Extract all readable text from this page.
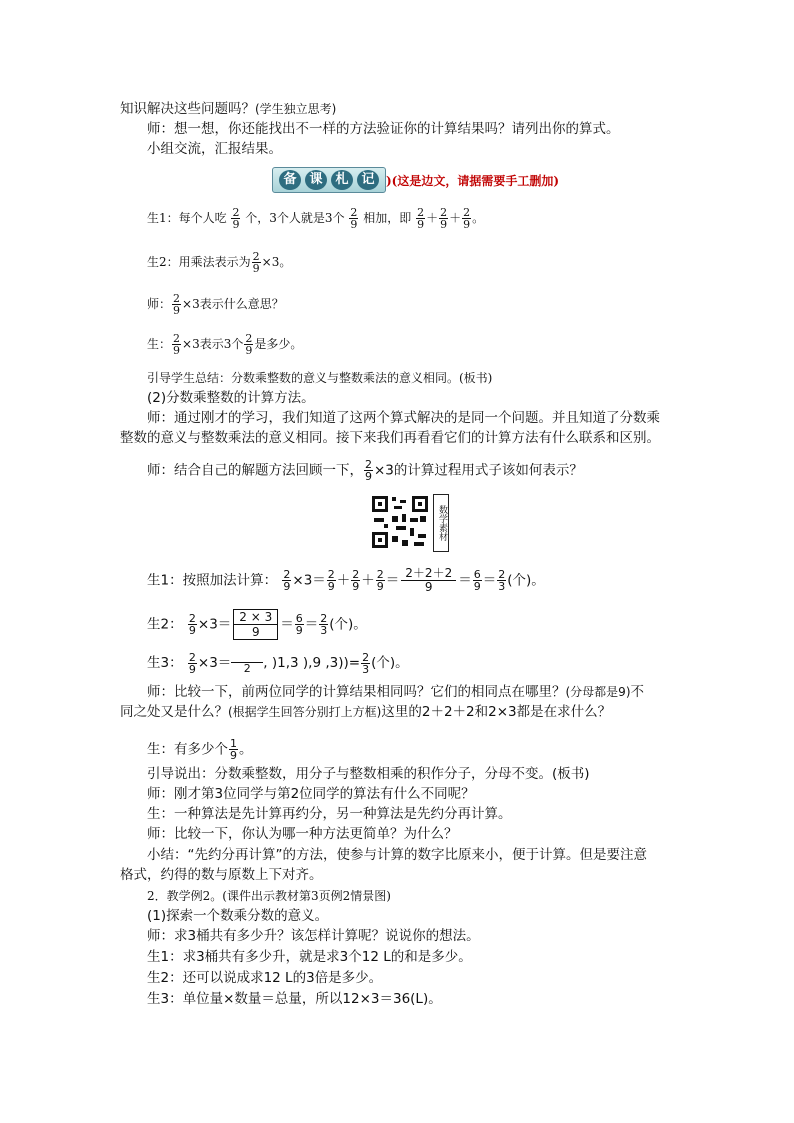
知识解决这些问题吗？(学生独立思考)
师：想一想，你还能找出不一样的方法验证你的计算结果吗？请列出你的算式。
小组交流，汇报结果。
备 课 札 记 )(这是边文，请据需要手工删加)
生1：每个人吃 $\frac{2}{9}$ 个，3个人就是3个 $\frac{2}{9}$ 相加，即 $\frac{2}{9} + \frac{2}{9} + \frac{2}{9}$ 。
生2：用乘法表示为 $\frac{2}{9} \times 3$。
师： $\frac{2}{9} \times 3$表示什么意思？
生： $\frac{2}{9} \times 3$表示3个 $\frac{2}{9}$ 是多少。
引导学生总结：分数乘整数的意义与整数乘法的意义相同。(板书)
(2)分数乘整数的计算方法。
师：通过刚才的学习，我们知道了这两个算式解决的是同一个问题。并且知道了分数乘
整数的意义与整数乘法的意义相同。接下来我们再看看它们的计算方法有什么联系和区别。
师：结合自己的解题方法回顾一下， $\frac{2}{9} \times 3$的计算过程用式子该如何表示？
数学素材
生1：按照加法计算： $\frac{2}{9} \times 3= \frac{2}{9} + \frac{2}{9} + \frac{2}{9} = \frac{2+2+2}{9} = \frac{6}{9} = \frac{2}{3}$ (个)。
生2： $\frac{2}{9} \times 3= \frac{2 \times 3}{9} = \frac{6}{9} = \frac{2}{3}$ (个)。
生3： $\frac{2}{9} \times 3=$	2 , )1,3 ),9 $,3))= \frac{2}{3}$ (个)。
师：比较一下，前两位同学的计算结果相同吗？它们的相同点在哪里？(分母都是9)不
同之处又是什么？(根据学生回答分别打上方框)这里的2＋2＋2和2×3都是在求什么？
生：有多少个 $\frac{1}{9}$ 。
引导说出：分数乘整数，用分子与整数相乘的积作分子，分母不变。(板书)
师：刚才第3位同学与第2位同学的算法有什么不同呢？
生：一种算法是先计算再约分，另一种算法是先约分再计算。
师：比较一下，你认为哪一种方法更简单？为什么？
小结：“先约分再计算”的方法，使参与计算的数字比原来小，便于计算。但是要注意
格式，约得的数与原数上下对齐。
2．教学例2。(课件出示教材第3页例2情景图)
(1)探索一个数乘分数的意义。
师：求3桶共有多少升？该怎样计算呢？说说你的想法。
生1：求3桶共有多少升，就是求3个12 L的和是多少。
生2：还可以说成求12 L的3倍是多少。
生3：单位量×数量＝总量，所以12×3＝36(L)。
